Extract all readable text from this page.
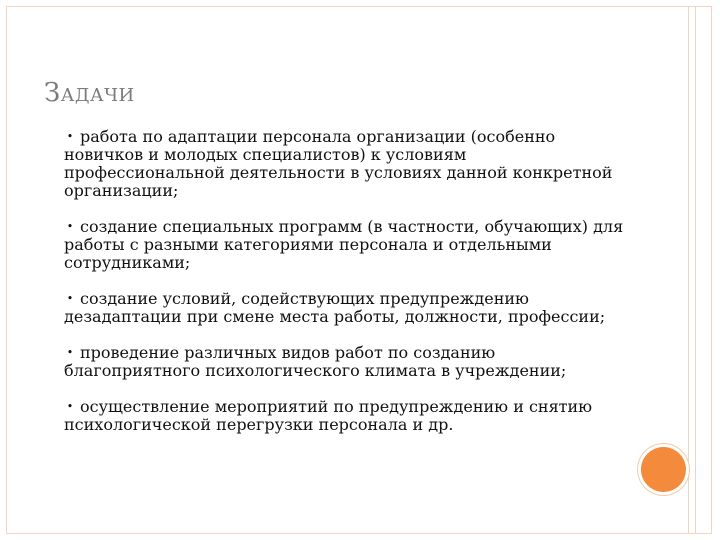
Задачи
• работа по адаптации персонала организации (особенно новичков и молодых специалистов) к условиям профессиональной деятельности в условиях данной конкретной организации;
• создание специальных программ (в частности, обучающих) для работы с разными категориями персонала и отдельными сотрудниками;
• создание условий, содействующих предупреждению дезадаптации при смене места работы, должности, профессии;
• проведение различных видов работ по созданию благоприятного психологического климата в учреждении;
• осуществление мероприятий по предупреждению и снятию психологической перегрузки персонала и др.
